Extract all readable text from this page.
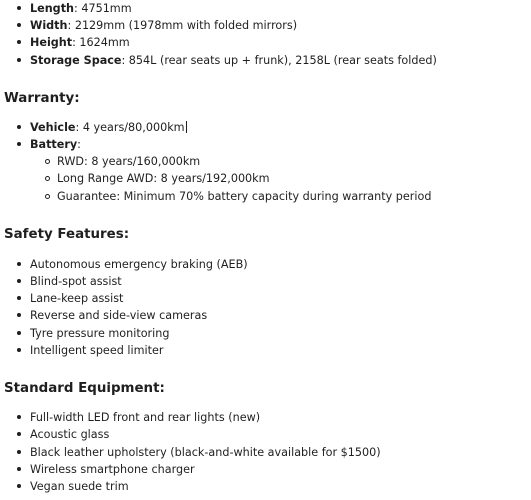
Length: 4751mm
Width: 2129mm (1978mm with folded mirrors)
Height: 1624mm
Storage Space: 854L (rear seats up + frunk), 2158L (rear seats folded)
Warranty:
Vehicle: 4 years/80,000km
Battery:
RWD: 8 years/160,000km
Long Range AWD: 8 years/192,000km
Guarantee: Minimum 70% battery capacity during warranty period
Safety Features:
Autonomous emergency braking (AEB)
Blind-spot assist
Lane-keep assist
Reverse and side-view cameras
Tyre pressure monitoring
Intelligent speed limiter
Standard Equipment:
Full-width LED front and rear lights (new)
Acoustic glass
Black leather upholstery (black-and-white available for $1500)
Wireless smartphone charger
Vegan suede trim
